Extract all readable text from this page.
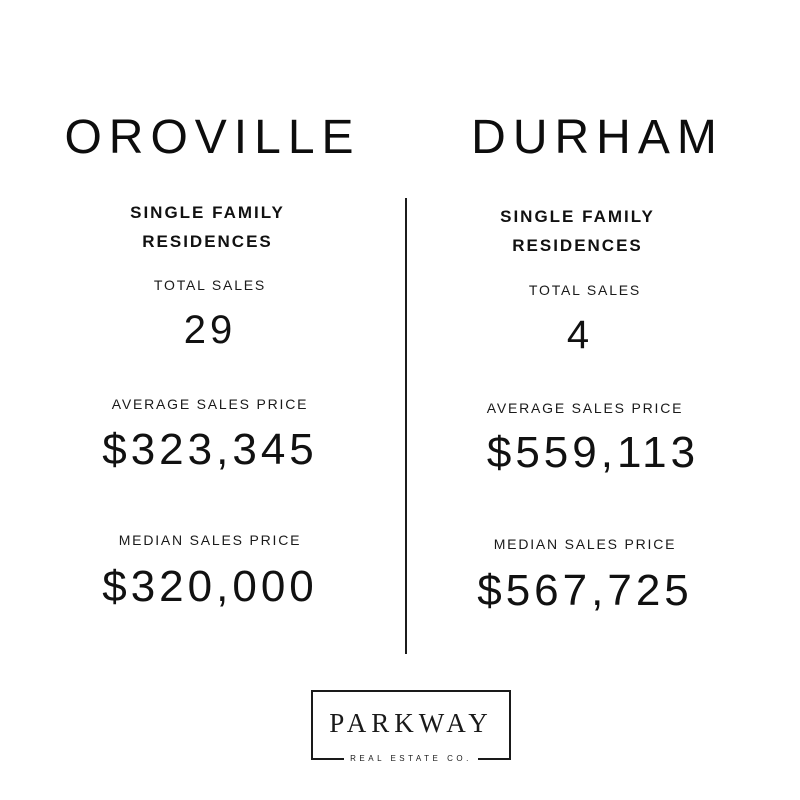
OROVILLE
SINGLE FAMILY
RESIDENCES
TOTAL SALES
29
AVERAGE SALES PRICE
$323,345
MEDIAN SALES PRICE
$320,000
DURHAM
SINGLE FAMILY
RESIDENCES
TOTAL SALES
4
AVERAGE SALES PRICE
$559,113
MEDIAN SALES PRICE
$567,725
PARKWAY
REAL ESTATE CO.
